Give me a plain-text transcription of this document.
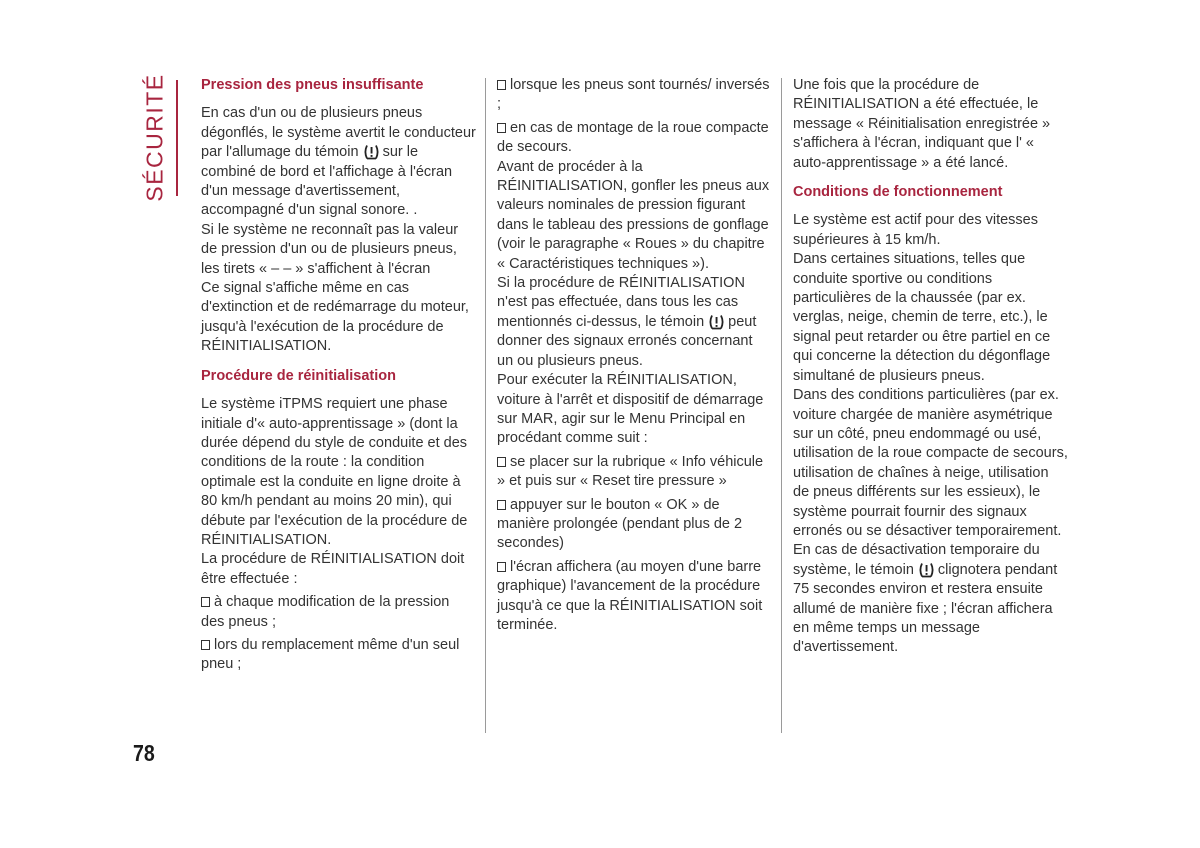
SÉCURITÉ Pression des pneus insuffisante

En cas d'un ou de plusieurs pneus dégonflés, le système avertit le conducteur par l'allumage du témoin sur le combiné de bord et l'affichage à l'écran d'un message d'avertissement, accompagné d'un signal sonore. .

Si le système ne reconnaît pas la valeur de pression d'un ou de plusieurs pneus, les tirets « – – » s'affichent à l'écran

Ce signal s'affiche même en cas d'extinction et de redémarrage du moteur, jusqu'à l'exécution de la procédure de RÉINITIALISATION.

Procédure de réinitialisation

Le système iTPMS requiert une phase initiale d'« auto-apprentissage » (dont la durée dépend du style de conduite et des conditions de la route : la condition optimale est la conduite en ligne droite à 80 km/h pendant au moins 20 min), qui débute par l'exécution de la procédure de RÉINITIALISATION.

La procédure de RÉINITIALISATION doit être effectuée :

à chaque modification de la pression des pneus ;

lors du remplacement même d'un seul pneu ;

lorsque les pneus sont tournés/ inversés ;

en cas de montage de la roue compacte de secours.

Avant de procéder à la RÉINITIALISATION, gonfler les pneus aux valeurs nominales de pression figurant dans le tableau des pressions de gonflage (voir le paragraphe « Roues » du chapitre « Caractéristiques techniques »).

Si la procédure de RÉINITIALISATION n'est pas effectuée, dans tous les cas mentionnés ci-dessus, le témoin peut donner des signaux erronés concernant un ou plusieurs pneus.

Pour exécuter la RÉINITIALISATION, voiture à l'arrêt et dispositif de démarrage sur MAR, agir sur le Menu Principal en procédant comme suit :

se placer sur la rubrique « Info véhicule » et puis sur « Reset tire pressure »

appuyer sur le bouton « OK » de manière prolongée (pendant plus de 2 secondes)

l'écran affichera (au moyen d'une barre graphique) l'avancement de la procédure jusqu'à ce que la RÉINITIALISATION soit terminée.

Une fois que la procédure de RÉINITIALISATION a été effectuée, le message « Réinitialisation enregistrée » s'affichera à l'écran, indiquant que l' « auto-apprentissage » a été lancé.

Conditions de fonctionnement

Le système est actif pour des vitesses supérieures à 15 km/h.

Dans certaines situations, telles que conduite sportive ou conditions particulières de la chaussée (par ex. verglas, neige, chemin de terre, etc.), le signal peut retarder ou être partiel en ce qui concerne la détection du dégonflage simultané de plusieurs pneus.

Dans des conditions particulières (par ex. voiture chargée de manière asymétrique sur un côté, pneu endommagé ou usé, utilisation de la roue compacte de secours, utilisation de chaînes à neige, utilisation de pneus différents sur les essieux), le système pourrait fournir des signaux erronés ou se désactiver temporairement.

En cas de désactivation temporaire du système, le témoin clignotera pendant 75 secondes environ et restera ensuite allumé de manière fixe ; l'écran affichera en même temps un message d'avertissement.

78
